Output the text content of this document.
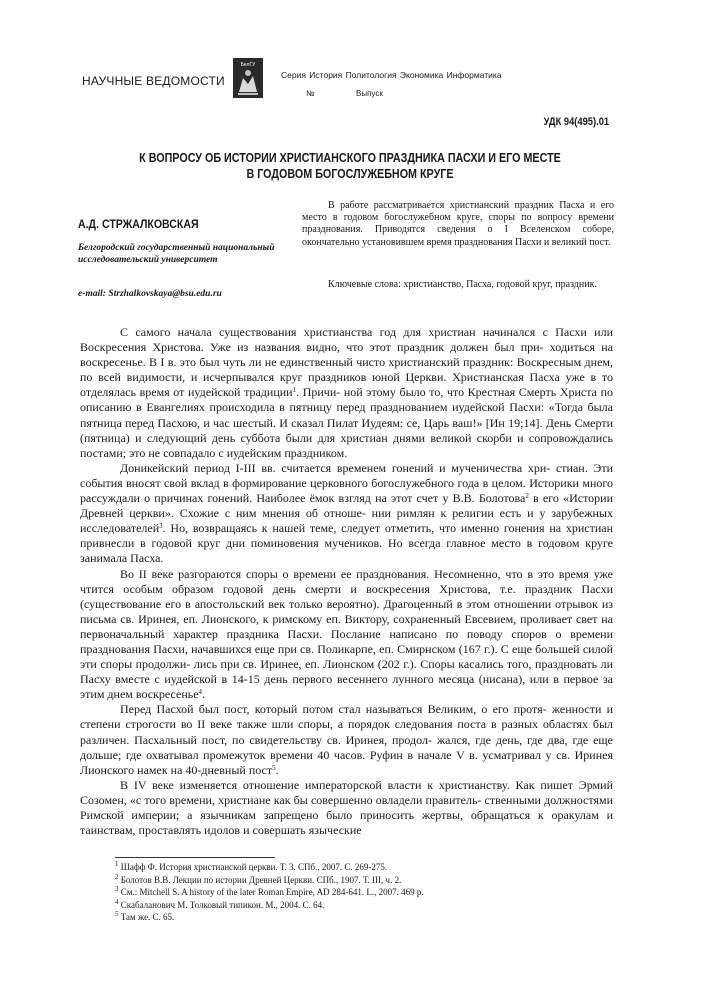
НАУЧНЫЕ ВЕДОМОСТИ
БелГУ
Серия История Политология Экономика Информатика
№	Выпуск
УДК 94(495).01
К ВОПРОСУ ОБ ИСТОРИИ ХРИСТИАНСКОГО ПРАЗДНИКА ПАСХИ И ЕГО МЕСТЕ
В ГОДОВОМ БОГОСЛУЖЕБНОМ КРУГЕ
А.Д. СТРЖАЛКОВСКАЯ
Белгородский государственный национальный исследовательский университет
e-mail: Strzhalkovskaya@bsu.edu.ru

В работе рассматривается христианский праздник Пасха и его место в годовом богослужебном круге, споры по вопросу времени празднования. Приводятся сведения о I Вселенском соборе, окончательно установившем время празднования Пасхи и великий пост.

Ключевые слова: христианство, Пасха, годовой круг, праздник.

С самого начала существования христианства год для христиан начинался с Пасхи или Воскресения Христова. Уже из названия видно, что этот праздник должен был при- ходиться на воскресенье. В I в. это был чуть ли не единственный чисто христианский праздник: Воскресным днем, по всей видимости, и исчерпывался круг праздников юной Церкви. Христианская Пасха уже в то отделялась время от иудейской традиции$^1$. Причи- ной этому было то, что Крестная Смерть Христа по описанию в Евангелиях происходила в пятницу перед празднованием иудейской Пасхи: «Тогда была пятница перед Пасхою, и час шестый. И сказал Пилат Иудеям: се, Царь ваш!» [Ин 19;14]. День Смерти (пятница) и следующий день суббота были для христиан днями великой скорби и сопровождались постами; это не совпадало с иудейским праздником.

Доникейский период I-III вв. считается временем гонений и мученичества хри- стиан. Эти события вносят свой вклад в формирование церковного богослужебного года в целом. Историки много рассуждали о причинах гонений. Наиболее ёмок взгляд на этот счет у В.В. Болотова$^2$ в его «Истории Древней церкви». Схожие с ним мнения об отноше- нии римлян к религии есть и у зарубежных исследователей$^3$. Но, возвращаясь к нашей теме, следует отметить, что именно гонения на христиан привнесли в годовой круг дни поминовения мучеников. Но всегда главное место в годовом круге занимала Пасха.

Во II веке разгораются споры о времени ее празднования. Несомненно, что в это время уже чтится особым образом годовой день смерти и воскресения Христова, т.е. праздник Пасхи (существование его в апостольский век только вероятно). Драгоценный в этом отношении отрывок из письма св. Иринея, еп. Лионского, к римскому еп. Виктору, сохраненный Евсевием, проливает свет на первоначальный характер праздника Пасхи. Послание написано по поводу споров о времени празднования Пасхи, начавшихся еще при св. Поликарпе, еп. Смирнском (167 г.). С еще большей силой эти споры продолжи- лись при св. Иринее, еп. Лионском (202 г.). Споры касались того, праздновать ли Пасху вместе с иудейской в 14-15 день первого весеннего лунного месяца (нисана), или в первое за этим днем воскресенье$^4$.

Перед Пасхой был пост, который потом стал называться Великим, о его протя- женности и степени строгости во II веке также шли споры, а порядок следования поста в разных областях был различен. Пасхальный пост, по свидетельству св. Иринея, продол- жался, где день, где два, где еще дольше; где охватывал промежуток времени 40 часов. Руфин в начале V в. усматривал у св. Иринея Лионского намек на 40-дневный пост$^5$.

В IV веке изменяется отношение императорской власти к христианству. Как пишет Эрмий Созомен, «с того времени, христиане как бы совершенно овладели правитель- ственными должностями Римской империи; а язычникам запрещено было приносить жертвы, обращаться к оракулам и таинствам, проставлять идолов и совершать языческие

$^1$ Шафф Ф. История христианской церкви. Т. 3. СПб., 2007. С. 269-275.
$^2$ Болотов В.В. Лекции по истории Древней Церкви. СПб., 1907. Т. III, ч. 2.
$^3$ См.: Mitchell S. A history of the later Roman Empire, AD 284-641. L., 2007. 469 p.
$^4$ Скабаланович М. Толковый типикон. М., 2004. С. 64.
$^5$ Там же. С. 65.
